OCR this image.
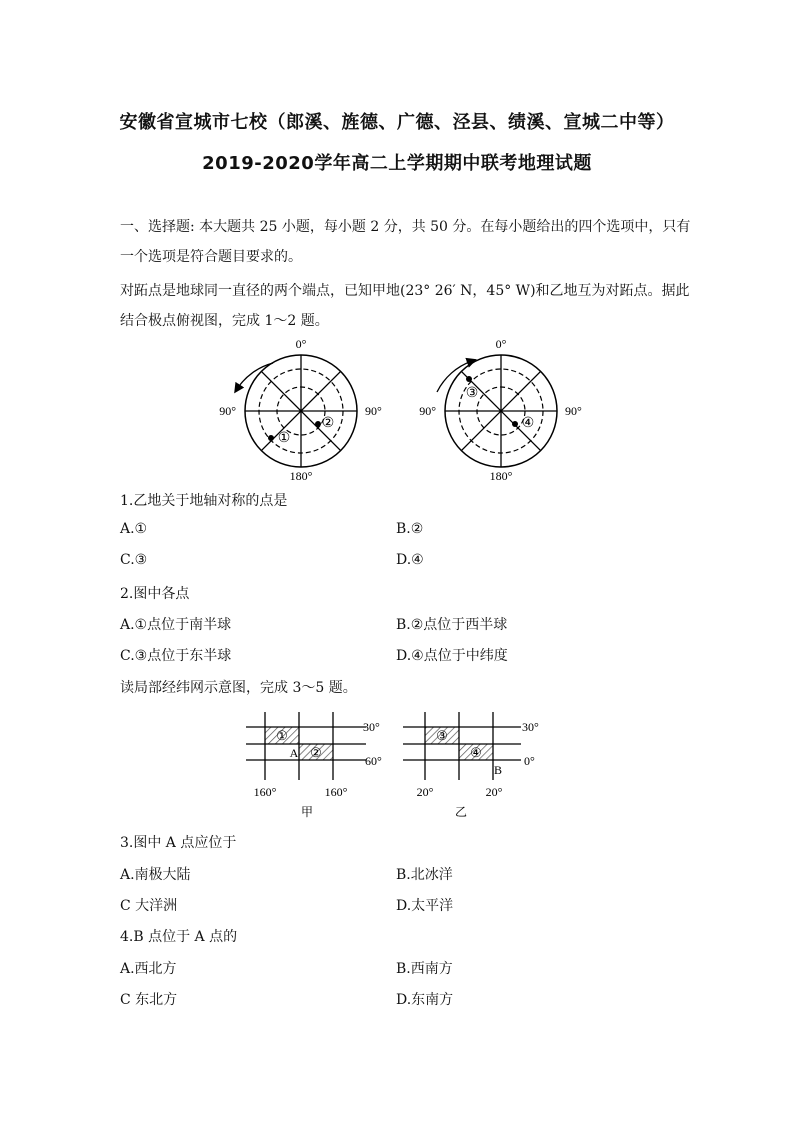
安徽省宣城市七校（郎溪、旌德、广德、泾县、绩溪、宣城二中等）
2019-2020学年高二上学期期中联考地理试题
一、选择题: 本大题共 25 小题，每小题 2 分，共 50 分。在每小题给出的四个选项中，只有
一个选项是符合题目要求的。
对跖点是地球同一直径的两个端点，已知甲地(23° 26′ N，45° W)和乙地互为对跖点。据此
结合极点俯视图，完成 1～2 题。
0°
90°	90°
180°
①
②
0°
90°	90°
180°
③
④
1.乙地关于地轴对称的点是
A.①	B.②
C.③	D.④
2.图中各点
A.①点位于南半球	B.②点位于西半球
C.③点位于东半球	D.④点位于中纬度
读局部经纬网示意图，完成 3～5 题。
30°
60°
160°	160°
甲
①
②
A
30°
0°
20°	20°
乙
③
④
B
3.图中 A 点应位于
A.南极大陆	B.北冰洋
C 大洋洲	D.太平洋
4.B 点位于 A 点的
A.西北方	B.西南方
C 东北方	D.东南方
